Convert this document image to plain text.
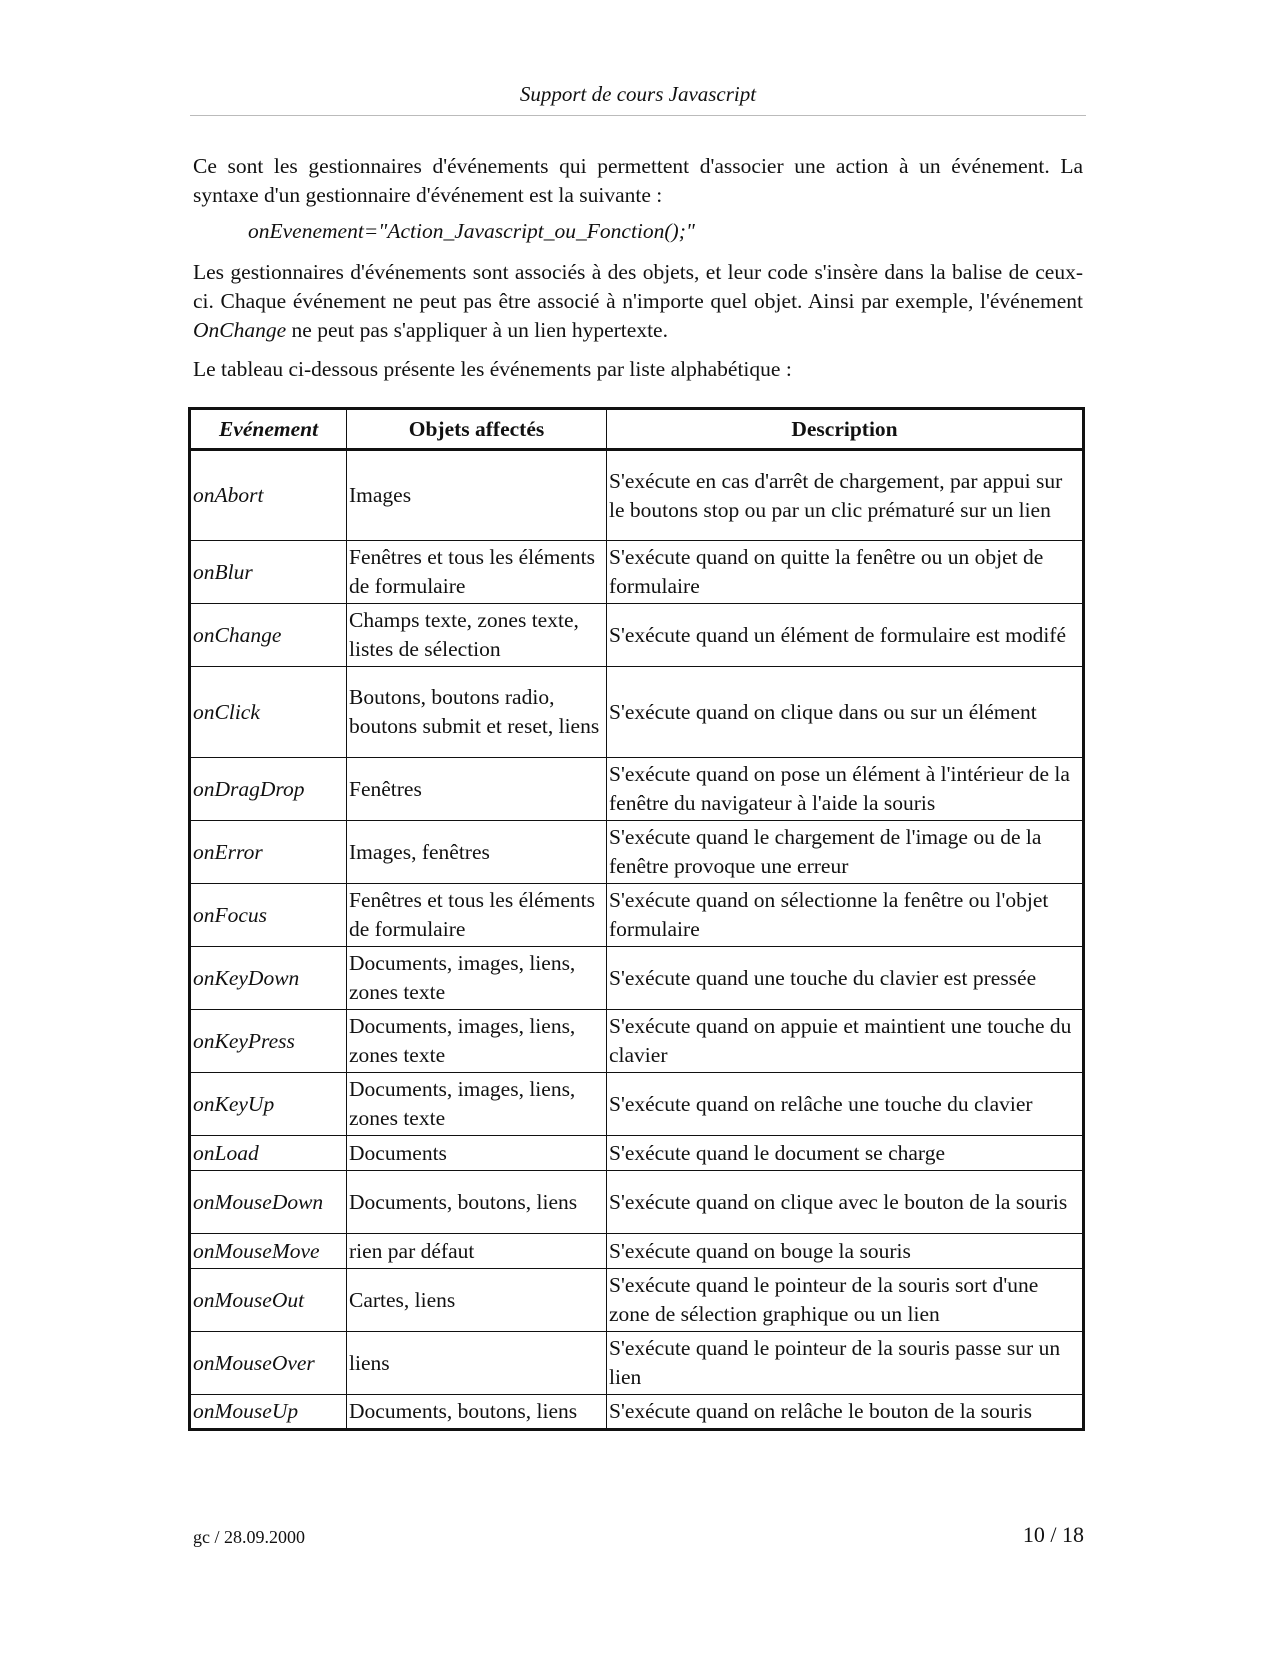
Support de cours Javascript

Ce sont les gestionnaires d'événements qui permettent d'associer une action à un événement. La syntaxe d'un gestionnaire d'événement est la suivante :

onEvenement="Action_Javascript_ou_Fonction();"

Les gestionnaires d'événements sont associés à des objets, et leur code s'insère dans la balise de ceux-ci. Chaque événement ne peut pas être associé à n'importe quel objet. Ainsi par exemple, l'événement OnChange ne peut pas s'appliquer à un lien hypertexte.

Le tableau ci-dessous présente les événements par liste alphabétique :

Evénement	Objets affectés	Description
onAbort	Images	S'exécute en cas d'arrêt de chargement, par appui sur le boutons stop ou par un clic prématuré sur un lien
onBlur	Fenêtres et tous les éléments de formulaire	S'exécute quand on quitte la fenêtre ou un objet de formulaire
onChange	Champs texte, zones texte, listes de sélection	S'exécute quand un élément de formulaire est modifé
onClick	Boutons, boutons radio, boutons submit et reset, liens	S'exécute quand on clique dans ou sur un élément
onDragDrop	Fenêtres	S'exécute quand on pose un élément à l'intérieur de la fenêtre du navigateur à l'aide la souris
onError	Images, fenêtres	S'exécute quand le chargement de l'image ou de la fenêtre provoque une erreur
onFocus	Fenêtres et tous les éléments de formulaire	S'exécute quand on sélectionne la fenêtre ou l'objet formulaire
onKeyDown	Documents, images, liens, zones texte	S'exécute quand une touche du clavier est pressée
onKeyPress	Documents, images, liens, zones texte	S'exécute quand on appuie et maintient une touche du clavier
onKeyUp	Documents, images, liens, zones texte	S'exécute quand on relâche une touche du clavier
onLoad	Documents	S'exécute quand le document se charge
onMouseDown	Documents, boutons, liens	S'exécute quand on clique avec le bouton de la souris
onMouseMove	rien par défaut	S'exécute quand on bouge la souris
onMouseOut	Cartes, liens	S'exécute quand le pointeur de la souris sort d'une zone de sélection graphique ou un lien
onMouseOver	liens	S'exécute quand le pointeur de la souris passe sur un lien
onMouseUp	Documents, boutons, liens	S'exécute quand on relâche le bouton de la souris
gc / 28.09.2000	10 / 18
